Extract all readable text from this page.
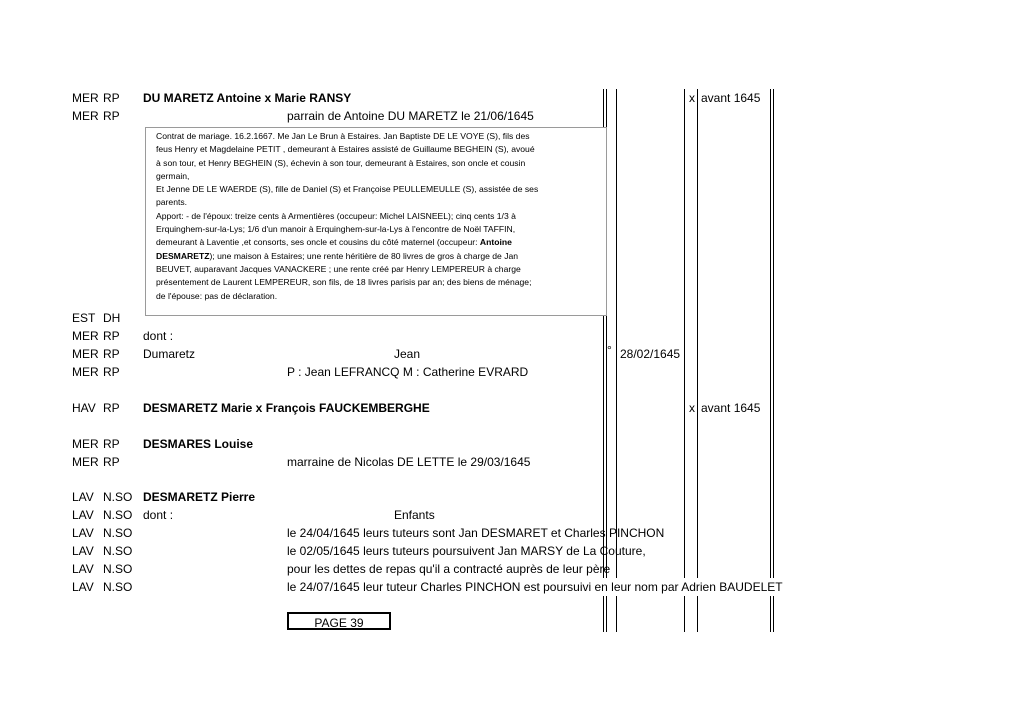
MER RP DU MARETZ Antoine x Marie RANSY	x avant 1645
MER RP	parrain de Antoine DU MARETZ le 21/06/1645

Contrat de mariage. 16.2.1667. Me Jan Le Brun à Estaires. Jan Baptiste DE LE VOYE (S), fils des

feus Henry et Magdelaine PETIT , demeurant à Estaires assisté de Guillaume BEGHEIN (S), avoué

à son tour, et Henry BEGHEIN (S), échevin à son tour, demeurant à Estaires, son oncle et cousin

germain,

Et Jenne DE LE WAERDE (S), fille de Daniel (S) et Françoise PEULLEMEULLE (S), assistée de ses

parents.

Apport: - de l'époux: treize cents à Armentières (occupeur: Michel LAISNEEL); cinq cents 1/3 à

Erquinghem-sur-la-Lys; 1/6 d'un manoir à Erquinghem-sur-la-Lys à l'encontre de Noël TAFFIN,

demeurant à Laventie ,et consorts, ses oncle et cousins du côté maternel (occupeur: Antoine

DESMARETZ); une maison à Estaires; une rente héritière de 80 livres de gros à charge de Jan

BEUVET, auparavant Jacques VANACKERE ; une rente créé par Henry LEMPEREUR à charge

présentement de Laurent LEMPEREUR, son fils, de 18 livres parisis par an; des biens de ménage;

de l'épouse: pas de déclaration.

EST DH
MER RP dont :
MER RP Dumaretz	Jean	° 28/02/1645
MER RP	P : Jean LEFRANCQ M : Catherine EVRARD
HAV RP DESMARETZ Marie x François FAUCKEMBERGHE	x avant 1645
MER RP DESMARES Louise
MER RP	marraine de Nicolas DE LETTE le 29/03/1645
LAV N.SO DESMARETZ Pierre
LAV N.SO dont :	Enfants
LAV N.SO	le 24/04/1645 leurs tuteurs sont Jan DESMARET et Charles PINCHON
LAV N.SO	le 02/05/1645 leurs tuteurs poursuivent Jan MARSY de La Couture,
LAV N.SO	pour les dettes de repas qu'il a contracté auprès de leur père
LAV N.SO	le 24/07/1645 leur tuteur Charles PINCHON est poursuivi en leur nom par Adrien BAUDELET
PAGE 39
